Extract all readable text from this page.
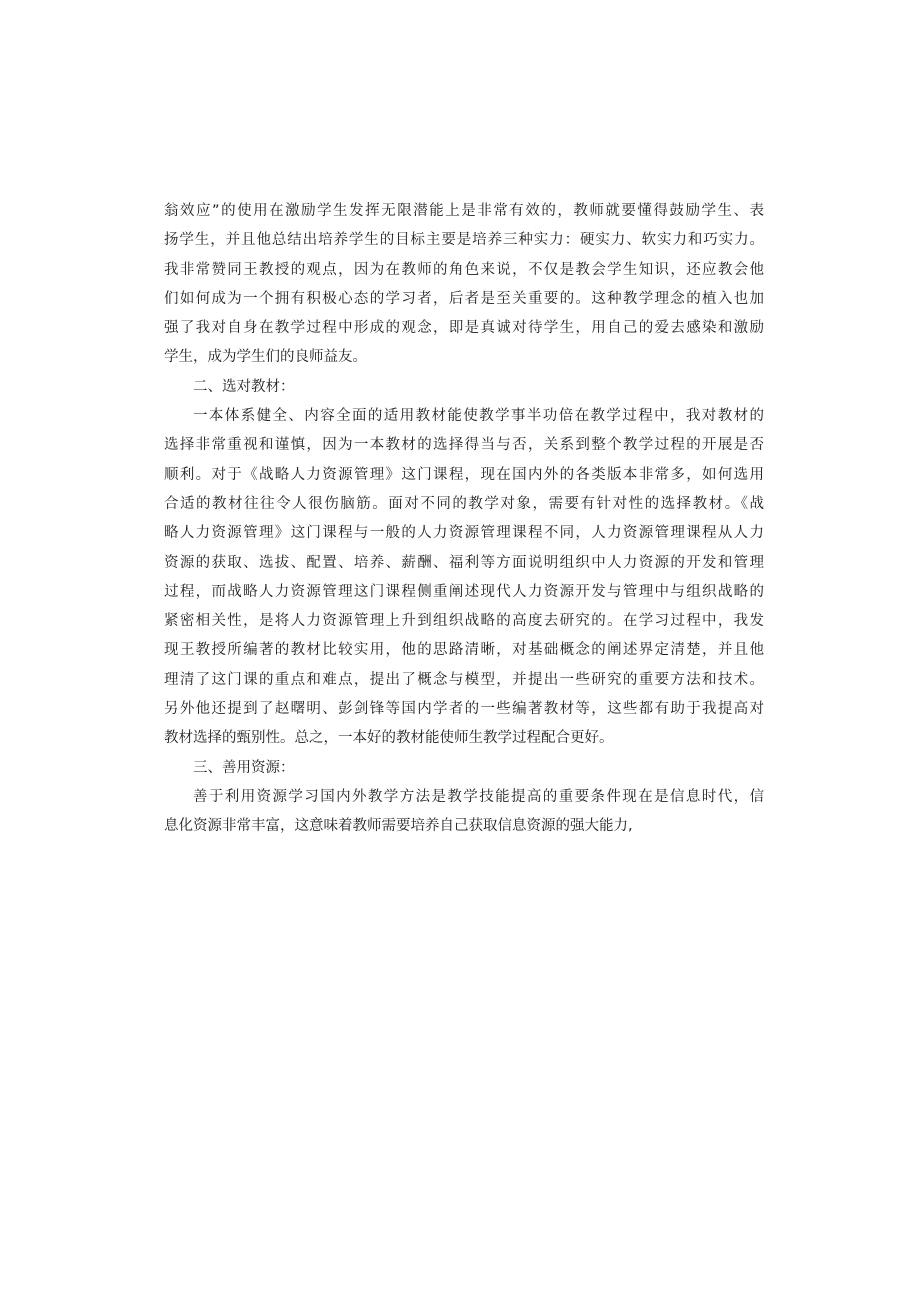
翁效应”的使用在激励学生发挥无限潜能上是非常有效的，教师就要懂得鼓励学生、表
扬学生，并且他总结出培养学生的目标主要是培养三种实力：硬实力、软实力和巧实力。
我非常赞同王教授的观点，因为在教师的角色来说，不仅是教会学生知识，还应教会他
们如何成为一个拥有积极心态的学习者，后者是至关重要的。这种教学理念的植入也加
强了我对自身在教学过程中形成的观念，即是真诚对待学生，用自己的爱去感染和激励
学生，成为学生们的良师益友。
二、选对教材：
一本体系健全、内容全面的适用教材能使教学事半功倍在教学过程中，我对教材的
选择非常重视和谨慎，因为一本教材的选择得当与否，关系到整个教学过程的开展是否
顺利。对于《战略人力资源管理》这门课程，现在国内外的各类版本非常多，如何选用
合适的教材往往令人很伤脑筋。面对不同的教学对象，需要有针对性的选择教材。《战
略人力资源管理》这门课程与一般的人力资源管理课程不同，人力资源管理课程从人力
资源的获取、选拔、配置、培养、薪酬、福利等方面说明组织中人力资源的开发和管理
过程，而战略人力资源管理这门课程侧重阐述现代人力资源开发与管理中与组织战略的
紧密相关性，是将人力资源管理上升到组织战略的高度去研究的。在学习过程中，我发
现王教授所编著的教材比较实用，他的思路清晰，对基础概念的阐述界定清楚，并且他
理清了这门课的重点和难点，提出了概念与模型，并提出一些研究的重要方法和技术。
另外他还提到了赵曙明、彭剑锋等国内学者的一些编著教材等，这些都有助于我提高对
教材选择的甄别性。总之，一本好的教材能使师生教学过程配合更好。
三、善用资源：
善于利用资源学习国内外教学方法是教学技能提高的重要条件现在是信息时代，信
息化资源非常丰富，这意味着教师需要培养自己获取信息资源的强大能力,
